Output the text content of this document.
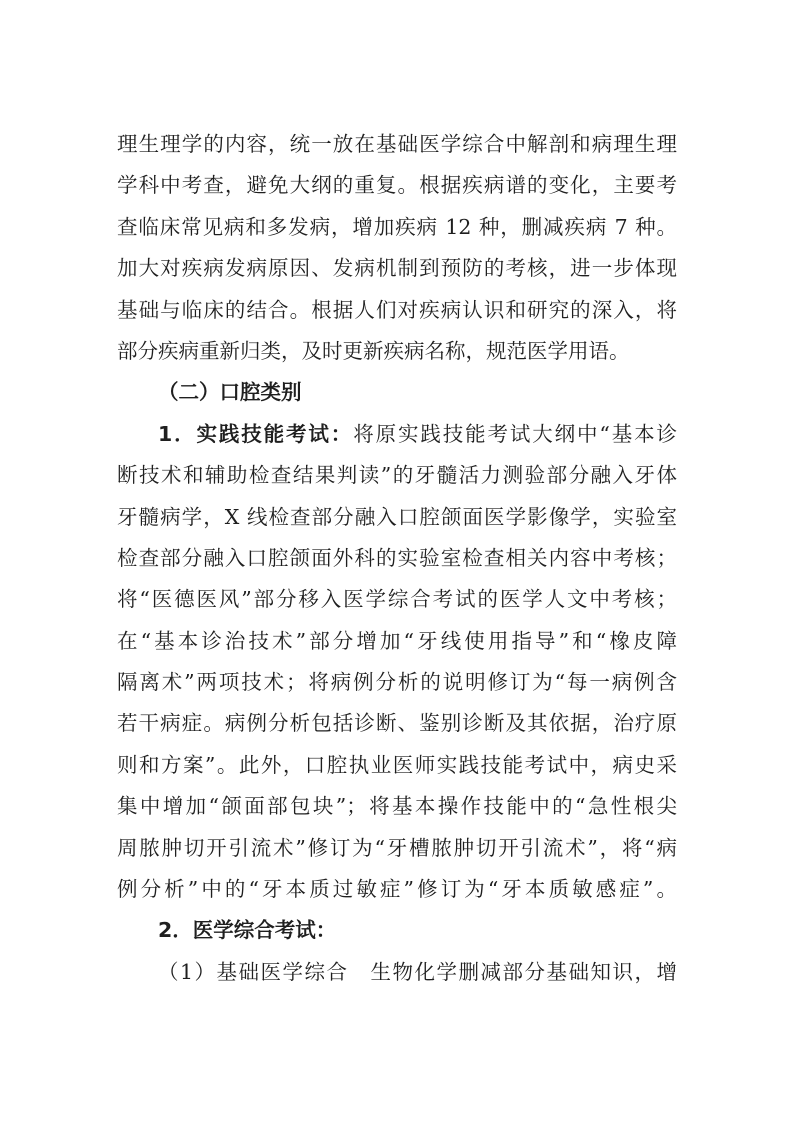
理生理学的内容，统一放在基础医学综合中解剖和病理生理
学科中考查，避免大纲的重复。根据疾病谱的变化，主要考
查临床常见病和多发病，增加疾病 12 种，删减疾病 7 种。
加大对疾病发病原因、发病机制到预防的考核，进一步体现
基础与临床的结合。根据人们对疾病认识和研究的深入，将
部分疾病重新归类，及时更新疾病名称，规范医学用语。
（二）口腔类别
1．实践技能考试：将原实践技能考试大纲中“基本诊
断技术和辅助检查结果判读”的牙髓活力测验部分融入牙体
牙髓病学，X 线检查部分融入口腔颌面医学影像学，实验室
检查部分融入口腔颌面外科的实验室检查相关内容中考核；
将“医德医风”部分移入医学综合考试的医学人文中考核；
在“基本诊治技术”部分增加“牙线使用指导”和“橡皮障
隔离术”两项技术；将病例分析的说明修订为“每一病例含
若干病症。病例分析包括诊断、鉴别诊断及其依据，治疗原
则和方案”。此外，口腔执业医师实践技能考试中，病史采
集中增加“颌面部包块”；将基本操作技能中的“急性根尖
周脓肿切开引流术”修订为“牙槽脓肿切开引流术”，将“病
例分析”中的“牙本质过敏症”修订为“牙本质敏感症”。
2．医学综合考试：
（1）基础医学综合　生物化学删减部分基础知识，增
